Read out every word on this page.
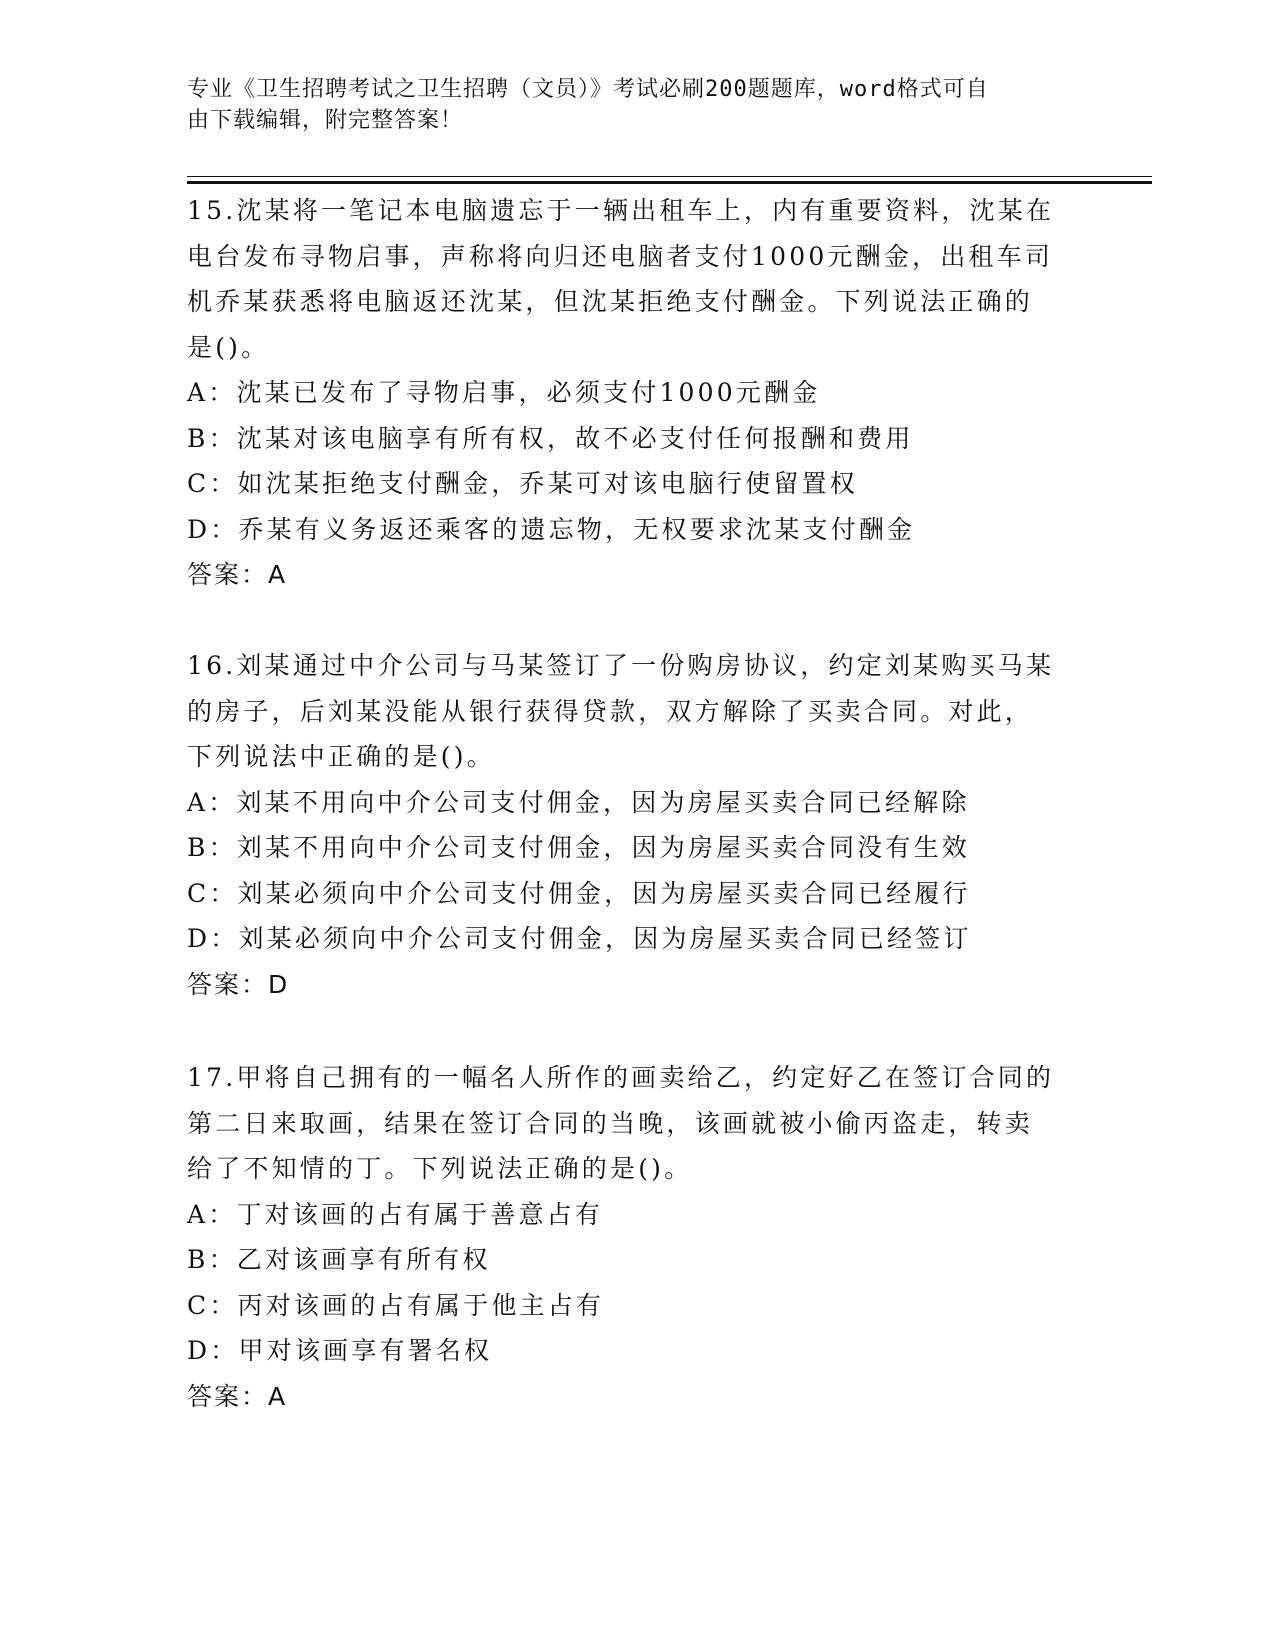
专业《卫生招聘考试之卫生招聘（文员）》考试必刷200题题库，word格式可自
由下载编辑，附完整答案！
15.沈某将一笔记本电脑遗忘于一辆出租车上，内有重要资料，沈某在
电台发布寻物启事，声称将向归还电脑者支付1000元酬金，出租车司
机乔某获悉将电脑返还沈某，但沈某拒绝支付酬金。下列说法正确的
是()。
A：沈某已发布了寻物启事，必须支付1000元酬金
B：沈某对该电脑享有所有权，故不必支付任何报酬和费用
C：如沈某拒绝支付酬金，乔某可对该电脑行使留置权
D：乔某有义务返还乘客的遗忘物，无权要求沈某支付酬金
答案：A
16.刘某通过中介公司与马某签订了一份购房协议，约定刘某购买马某
的房子，后刘某没能从银行获得贷款，双方解除了买卖合同。对此，
下列说法中正确的是()。
A：刘某不用向中介公司支付佣金，因为房屋买卖合同已经解除
B：刘某不用向中介公司支付佣金，因为房屋买卖合同没有生效
C：刘某必须向中介公司支付佣金，因为房屋买卖合同已经履行
D：刘某必须向中介公司支付佣金，因为房屋买卖合同已经签订
答案：D
17.甲将自己拥有的一幅名人所作的画卖给乙，约定好乙在签订合同的
第二日来取画，结果在签订合同的当晚，该画就被小偷丙盗走，转卖
给了不知情的丁。下列说法正确的是()。
A：丁对该画的占有属于善意占有
B：乙对该画享有所有权
C：丙对该画的占有属于他主占有
D：甲对该画享有署名权
答案：A
